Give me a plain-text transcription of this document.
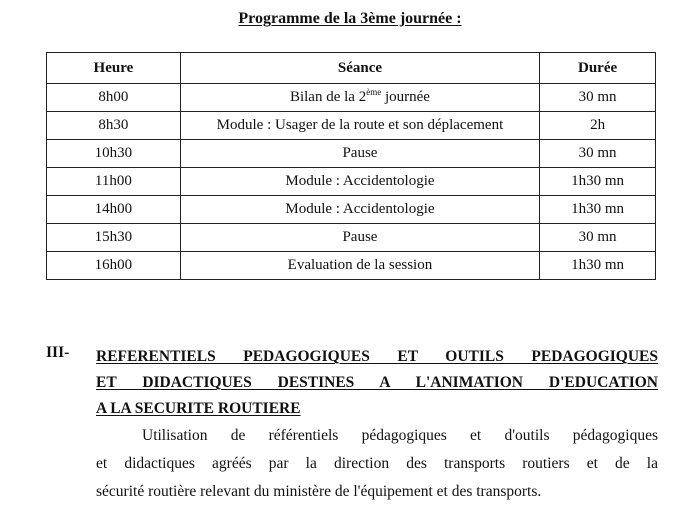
Programme de la 3ème journée :
Heure	Séance	Durée
8h00	Bilan de la 2ème journée	30 mn
8h30	Module : Usager de la route et son déplacement	2h
10h30	Pause	30 mn
11h00	Module : Accidentologie	1h30 mn
14h00	Module : Accidentologie	1h30 mn
15h30	Pause	30 mn
16h00	Evaluation de la session	1h30 mn
III- REFERENTIELS PEDAGOGIQUES ET OUTILS PEDAGOGIQUES
ET DIDACTIQUES DESTINES A L'ANIMATION D'EDUCATION
A LA SECURITE ROUTIERE
Utilisation de référentiels pédagogiques et d'outils pédagogiques
et didactiques agréés par la direction des transports routiers et de la
sécurité routière relevant du ministère de l'équipement et des transports.
